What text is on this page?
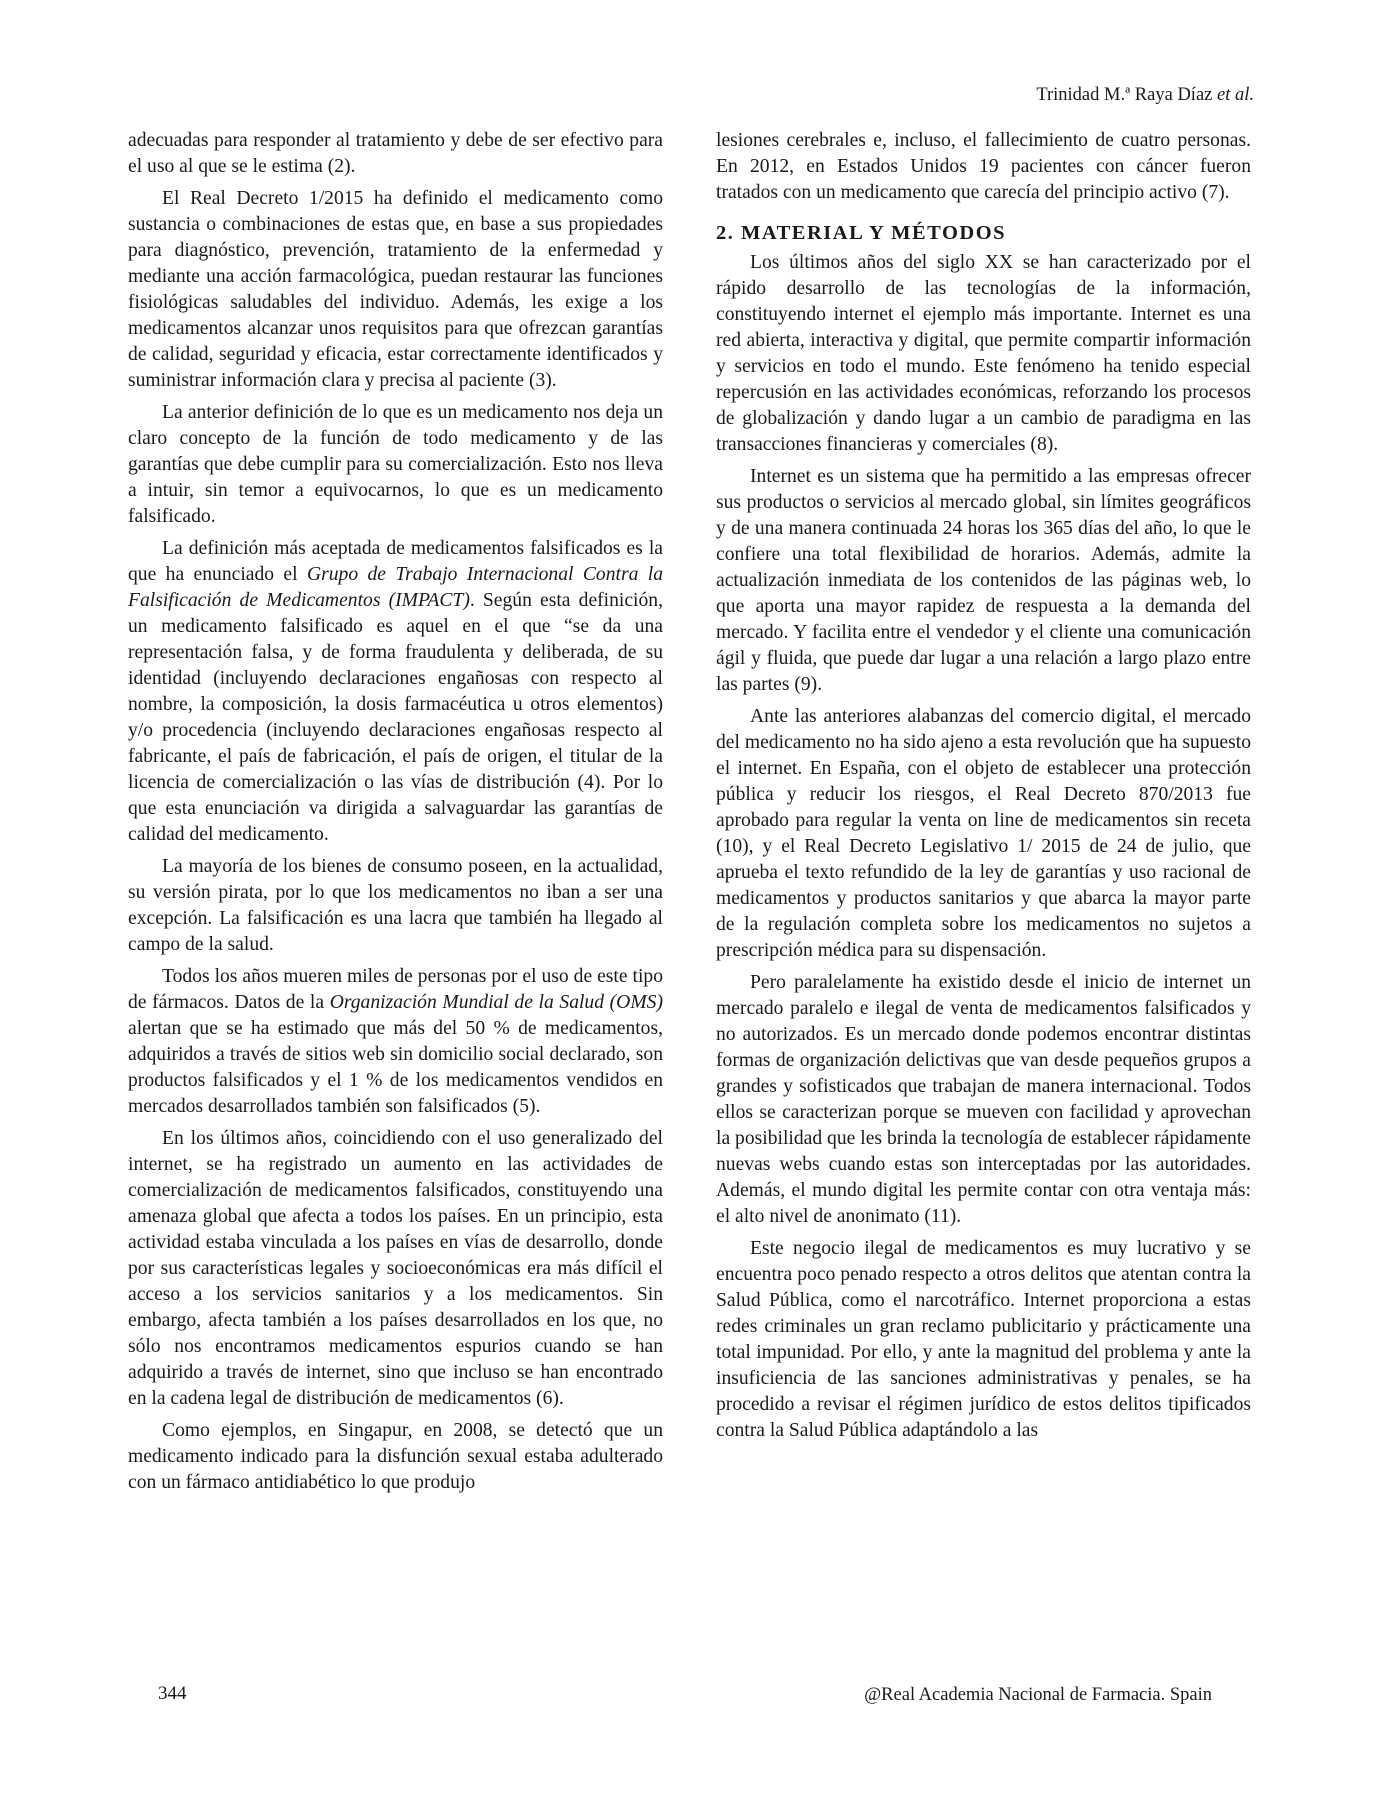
Trinidad M.ª Raya Díaz et al.

adecuadas para responder al tratamiento y debe de ser efectivo para el uso al que se le estima (2).

El Real Decreto 1/2015 ha definido el medicamento como sustancia o combinaciones de estas que, en base a sus propiedades para diagnóstico, prevención, tratamiento de la enfermedad y mediante una acción farmacológica, puedan restaurar las funciones fisiológicas saludables del individuo. Además, les exige a los medicamentos alcanzar unos requisitos para que ofrezcan garantías de calidad, seguridad y eficacia, estar correctamente identificados y suministrar información clara y precisa al paciente (3).

La anterior definición de lo que es un medicamento nos deja un claro concepto de la función de todo medicamento y de las garantías que debe cumplir para su comercialización. Esto nos lleva a intuir, sin temor a equivocarnos, lo que es un medicamento falsificado.

La definición más aceptada de medicamentos falsificados es la que ha enunciado el Grupo de Trabajo Internacional Contra la Falsificación de Medicamentos (IMPACT). Según esta definición, un medicamento falsificado es aquel en el que “se da una representación falsa, y de forma fraudulenta y deliberada, de su identidad (incluyendo declaraciones engañosas con respecto al nombre, la composición, la dosis farmacéutica u otros elementos) y/o procedencia (incluyendo declaraciones engañosas respecto al fabricante, el país de fabricación, el país de origen, el titular de la licencia de comercialización o las vías de distribución (4). Por lo que esta enunciación va dirigida a salvaguardar las garantías de calidad del medicamento.

La mayoría de los bienes de consumo poseen, en la actualidad, su versión pirata, por lo que los medicamentos no iban a ser una excepción. La falsificación es una lacra que también ha llegado al campo de la salud.

Todos los años mueren miles de personas por el uso de este tipo de fármacos. Datos de la Organización Mundial de la Salud (OMS) alertan que se ha estimado que más del 50 % de medicamentos, adquiridos a través de sitios web sin domicilio social declarado, son productos falsificados y el 1 % de los medicamentos vendidos en mercados desarrollados también son falsificados (5).

En los últimos años, coincidiendo con el uso generalizado del internet, se ha registrado un aumento en las actividades de comercialización de medicamentos falsificados, constituyendo una amenaza global que afecta a todos los países. En un principio, esta actividad estaba vinculada a los países en vías de desarrollo, donde por sus características legales y socioeconómicas era más difícil el acceso a los servicios sanitarios y a los medicamentos. Sin embargo, afecta también a los países desarrollados en los que, no sólo nos encontramos medicamentos espurios cuando se han adquirido a través de internet, sino que incluso se han encontrado en la cadena legal de distribución de medicamentos (6).

Como ejemplos, en Singapur, en 2008, se detectó que un medicamento indicado para la disfunción sexual estaba adulterado con un fármaco antidiabético lo que produjo

lesiones cerebrales e, incluso, el fallecimiento de cuatro personas. En 2012, en Estados Unidos 19 pacientes con cáncer fueron tratados con un medicamento que carecía del principio activo (7).

2. MATERIAL Y MÉTODOS

Los últimos años del siglo XX se han caracterizado por el rápido desarrollo de las tecnologías de la información, constituyendo internet el ejemplo más importante. Internet es una red abierta, interactiva y digital, que permite compartir información y servicios en todo el mundo. Este fenómeno ha tenido especial repercusión en las actividades económicas, reforzando los procesos de globalización y dando lugar a un cambio de paradigma en las transacciones financieras y comerciales (8).

Internet es un sistema que ha permitido a las empresas ofrecer sus productos o servicios al mercado global, sin límites geográficos y de una manera continuada 24 horas los 365 días del año, lo que le confiere una total flexibilidad de horarios. Además, admite la actualización inmediata de los contenidos de las páginas web, lo que aporta una mayor rapidez de respuesta a la demanda del mercado. Y facilita entre el vendedor y el cliente una comunicación ágil y fluida, que puede dar lugar a una relación a largo plazo entre las partes (9).

Ante las anteriores alabanzas del comercio digital, el mercado del medicamento no ha sido ajeno a esta revolución que ha supuesto el internet. En España, con el objeto de establecer una protección pública y reducir los riesgos, el Real Decreto 870/2013 fue aprobado para regular la venta on line de medicamentos sin receta (10), y el Real Decreto Legislativo 1/ 2015 de 24 de julio, que aprueba el texto refundido de la ley de garantías y uso racional de medicamentos y productos sanitarios y que abarca la mayor parte de la regulación completa sobre los medicamentos no sujetos a prescripción médica para su dispensación.

Pero paralelamente ha existido desde el inicio de internet un mercado paralelo e ilegal de venta de medicamentos falsificados y no autorizados. Es un mercado donde podemos encontrar distintas formas de organización delictivas que van desde pequeños grupos a grandes y sofisticados que trabajan de manera internacional. Todos ellos se caracterizan porque se mueven con facilidad y aprovechan la posibilidad que les brinda la tecnología de establecer rápidamente nuevas webs cuando estas son interceptadas por las autoridades. Además, el mundo digital les permite contar con otra ventaja más: el alto nivel de anonimato (11).

Este negocio ilegal de medicamentos es muy lucrativo y se encuentra poco penado respecto a otros delitos que atentan contra la Salud Pública, como el narcotráfico. Internet proporciona a estas redes criminales un gran reclamo publicitario y prácticamente una total impunidad. Por ello, y ante la magnitud del problema y ante la insuficiencia de las sanciones administrativas y penales, se ha procedido a revisar el régimen jurídico de estos delitos tipificados contra la Salud Pública adaptándolo a las

344	@Real Academia Nacional de Farmacia. Spain
